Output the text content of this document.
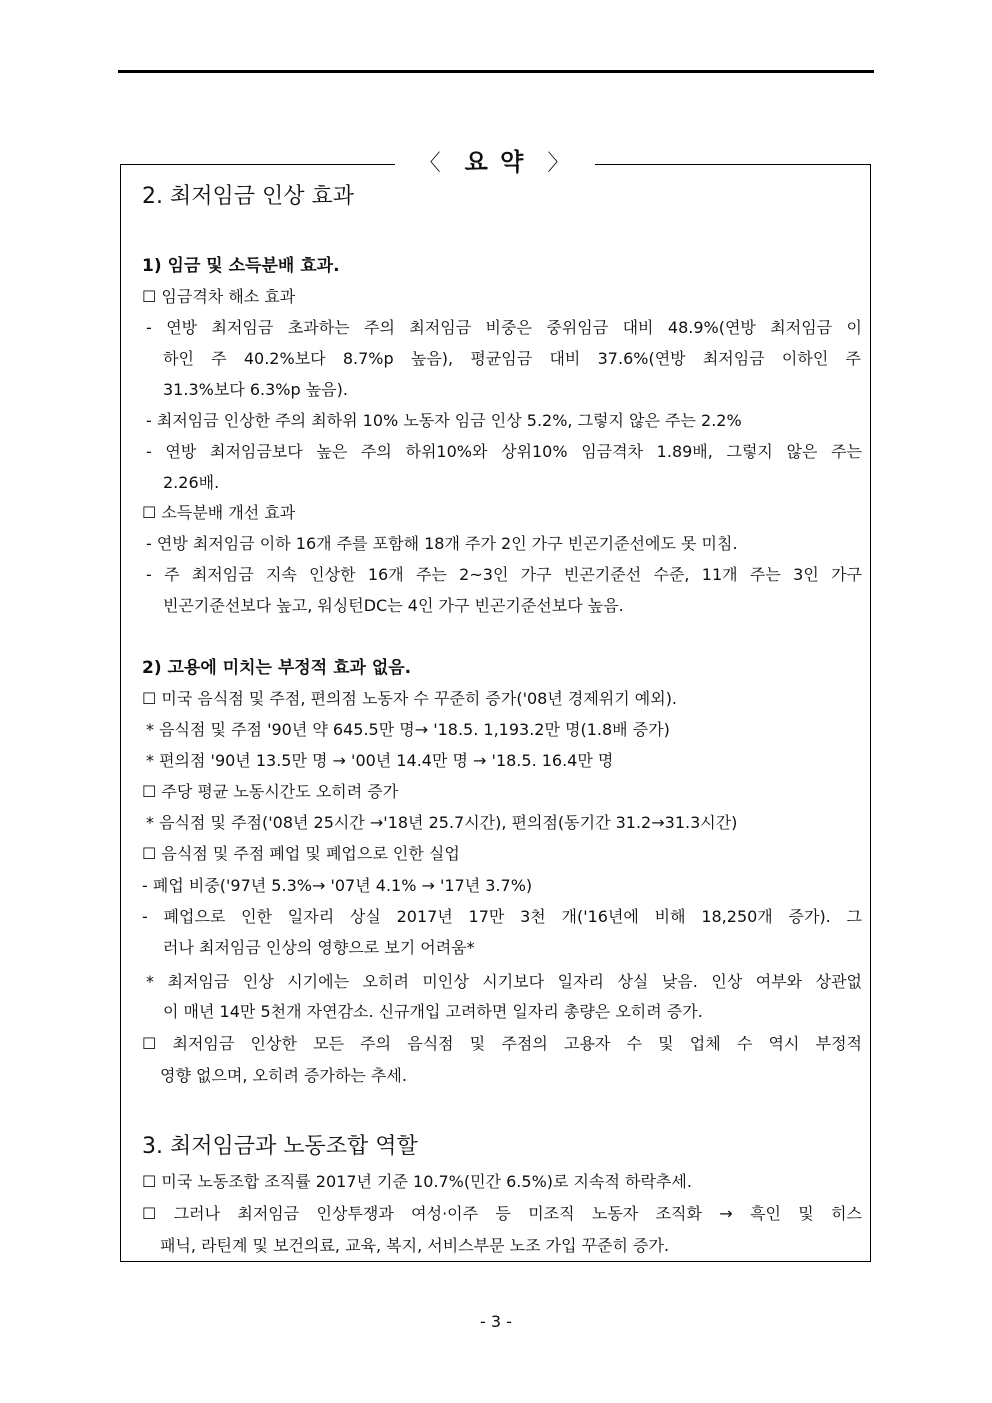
〈 요 약 〉
2. 최저임금 인상 효과
1) 임금 및 소득분배 효과.
☐ 임금격차 해소 효과
- 연방 최저임금 초과하는 주의 최저임금 비중은 중위임금 대비 48.9%(연방 최저임금 이
하인 주 40.2%보다 8.7%p 높음), 평균임금 대비 37.6%(연방 최저임금 이하인 주
31.3%보다 6.3%p 높음).
- 최저임금 인상한 주의 최하위 10% 노동자 임금 인상 5.2%, 그렇지 않은 주는 2.2%
- 연방 최저임금보다 높은 주의 하위10%와 상위10% 임금격차 1.89배, 그렇지 않은 주는
2.26배.
☐ 소득분배 개선 효과
- 연방 최저임금 이하 16개 주를 포함해 18개 주가 2인 가구 빈곤기준선에도 못 미침.
- 주 최저임금 지속 인상한 16개 주는 2~3인 가구 빈곤기준선 수준, 11개 주는 3인 가구
빈곤기준선보다 높고, 워싱턴DC는 4인 가구 빈곤기준선보다 높음.
2) 고용에 미치는 부정적 효과 없음.
☐ 미국 음식점 및 주점, 편의점 노동자 수 꾸준히 증가('08년 경제위기 예외).
* 음식점 및 주점 '90년 약 645.5만 명→ '18.5. 1,193.2만 명(1.8배 증가)
* 편의점 '90년 13.5만 명 → '00년 14.4만 명 → '18.5. 16.4만 명
☐ 주당 평균 노동시간도 오히려 증가
* 음식점 및 주점('08년 25시간 →'18년 25.7시간), 편의점(동기간 31.2→31.3시간)
☐ 음식점 및 주점 폐업 및 폐업으로 인한 실업
- 폐업 비중('97년 5.3%→ '07년 4.1% → '17년 3.7%)
- 폐업으로 인한 일자리 상실 2017년 17만 3천 개('16년에 비해 18,250개 증가). 그
러나 최저임금 인상의 영향으로 보기 어려움*
* 최저임금 인상 시기에는 오히려 미인상 시기보다 일자리 상실 낮음. 인상 여부와 상관없
이 매년 14만 5천개 자연감소. 신규개입 고려하면 일자리 총량은 오히려 증가.
☐ 최저임금 인상한 모든 주의 음식점 및 주점의 고용자 수 및 업체 수 역시 부정적
영향 없으며, 오히려 증가하는 추세.
3. 최저임금과 노동조합 역할
☐ 미국 노동조합 조직률 2017년 기준 10.7%(민간 6.5%)로 지속적 하락추세.
☐ 그러나 최저임금 인상투쟁과 여성·이주 등 미조직 노동자 조직화 → 흑인 및 히스
패닉, 라틴계 및 보건의료, 교육, 복지, 서비스부문 노조 가입 꾸준히 증가.
- 3 -
